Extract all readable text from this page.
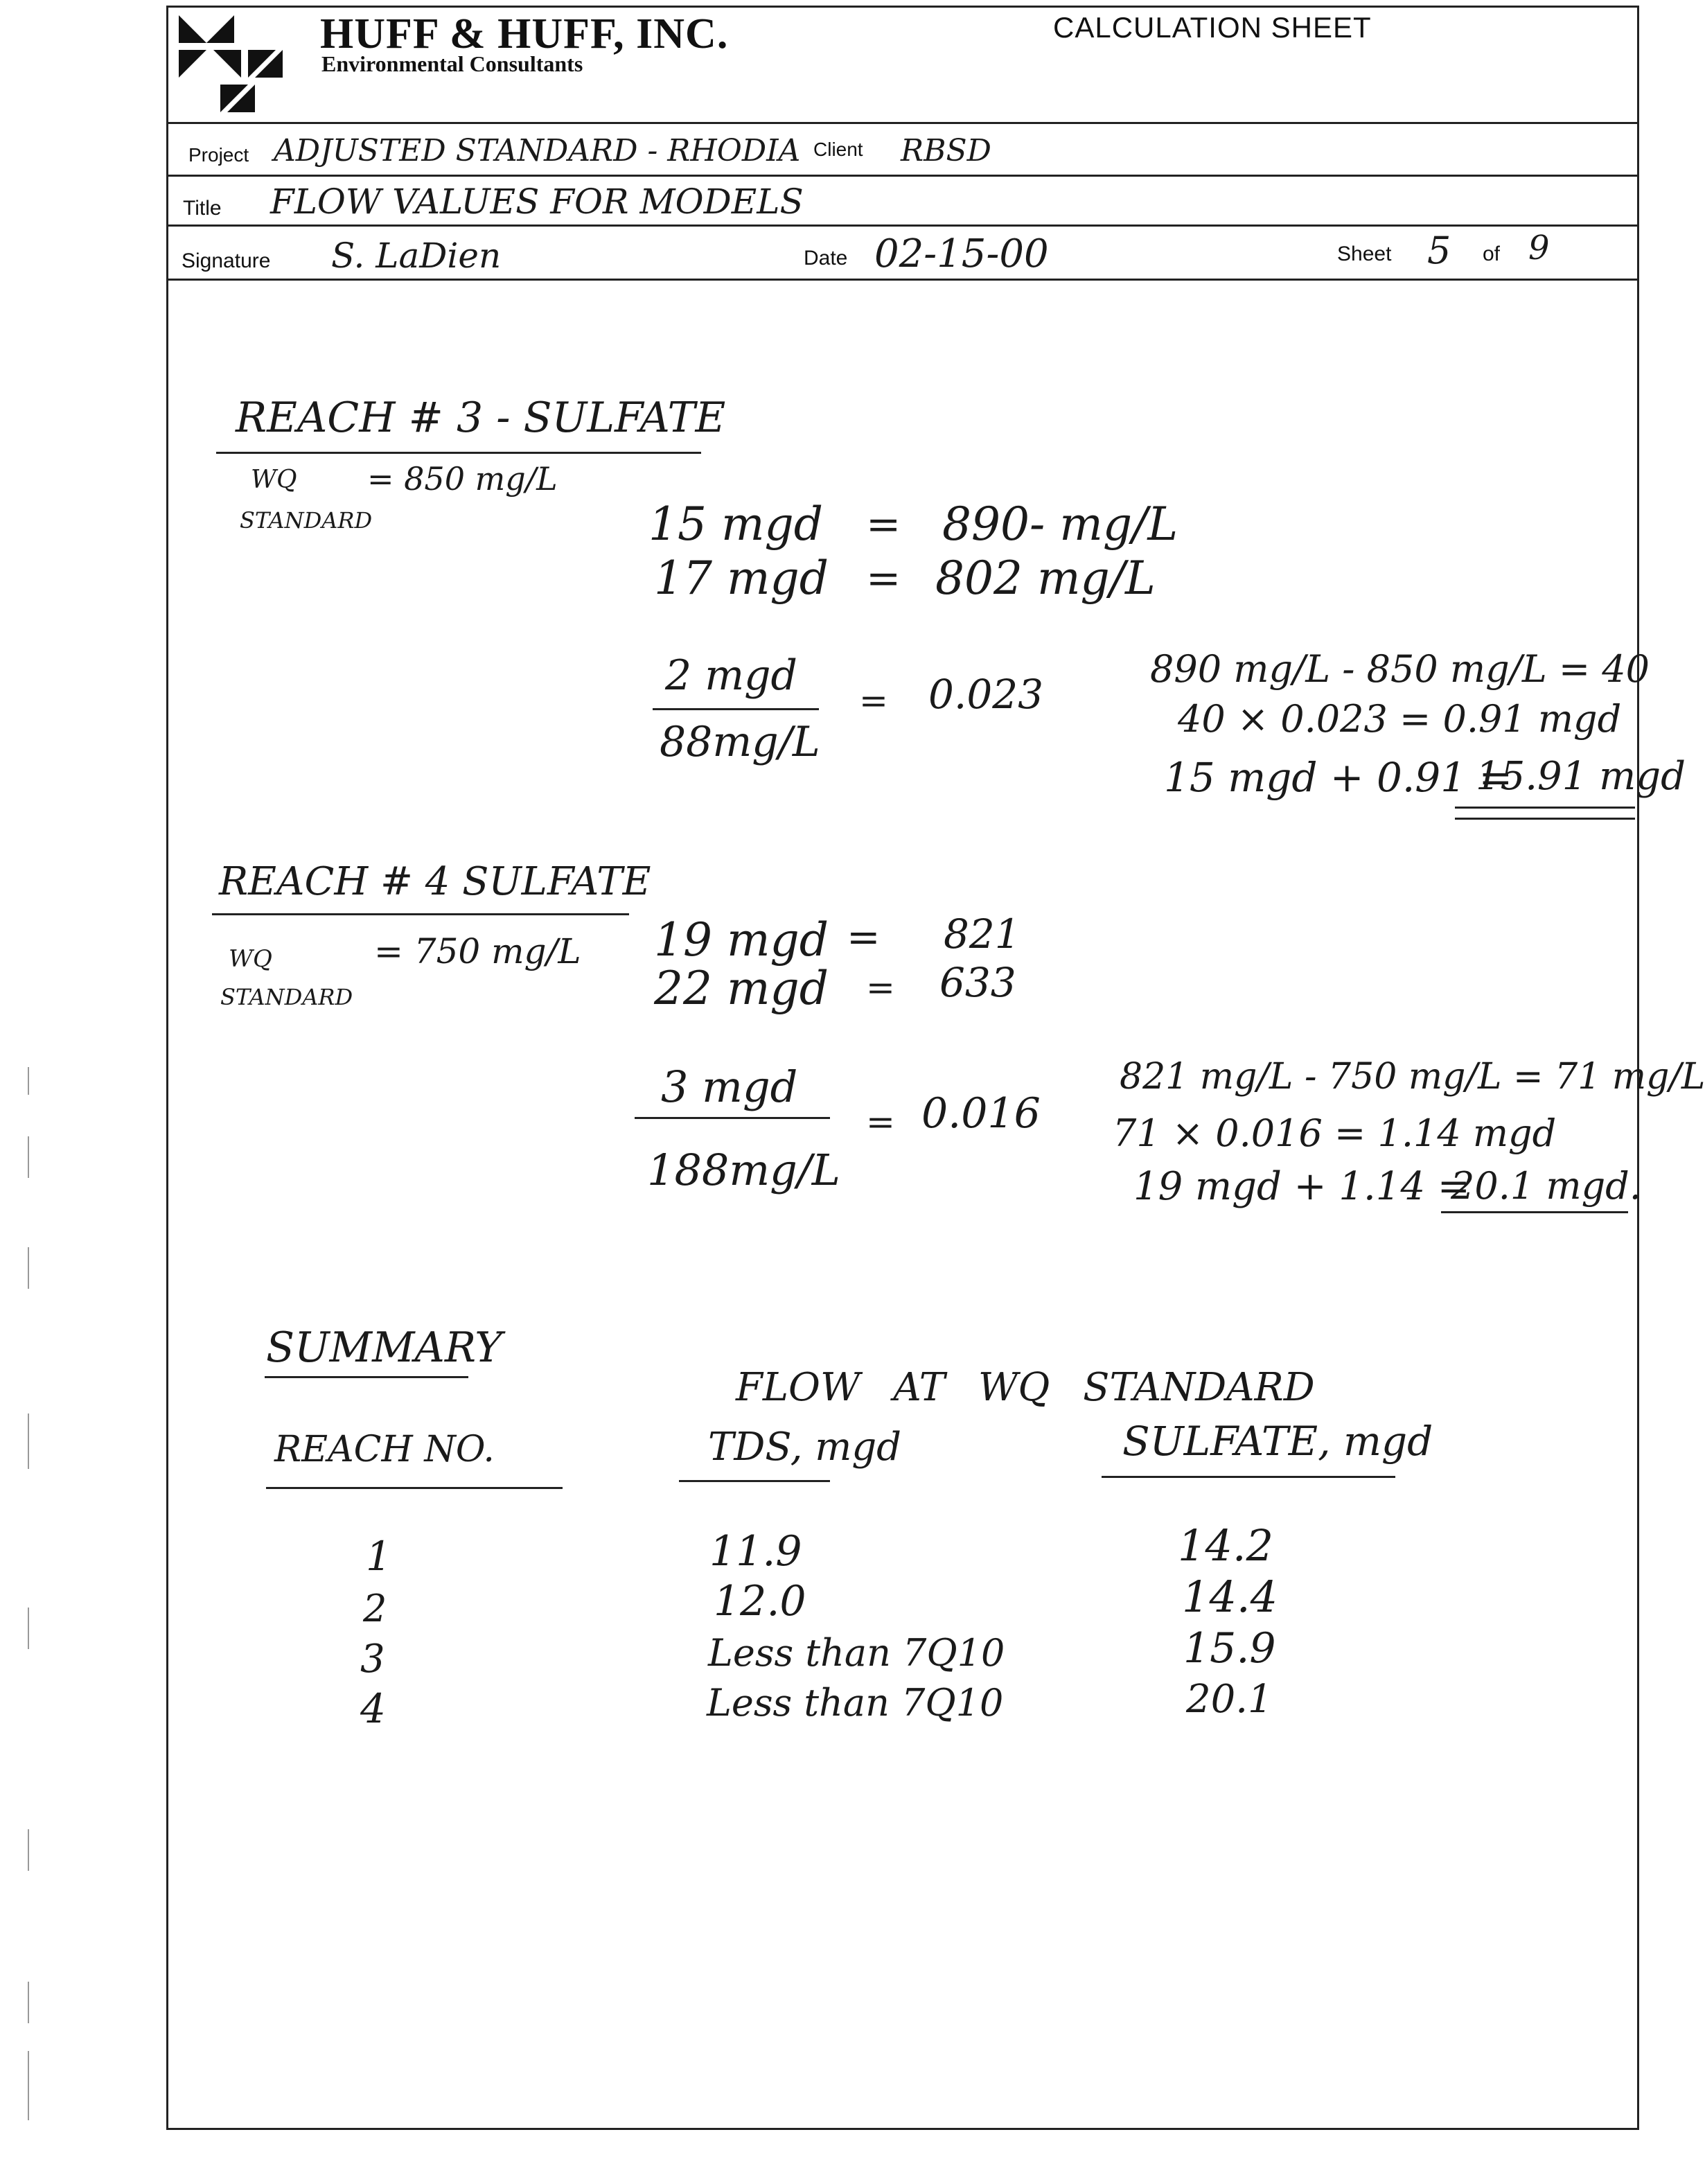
HUFF & HUFF, INC.
Environmental Consultants
CALCULATION SHEET
Project ADJUSTED STANDARD - RHODIA Client RBSD
Title FLOW VALUES FOR MODELS
Signature S. LaDien	Date 02-15-00	Sheet 5 of 9
REACH # 3 - SULFATE
WQ = 850 mg/L
STANDARD	15 mgd = 890- mg/L
17 mgd = 802 mg/L
2 mgd
88mg/L
= 0.023
890 mg/L - 850 mg/L = 40
40 × 0.023 = 0.91 mgd
15 mgd + 0.91 =
15.91 mgd
REACH # 4 SULFATE
WQ	= 750 mg/L
STANDARD
19 mgd = 821
22 mgd = 633
3 mgd
188mg/L
= 0.016
821 mg/L - 750 mg/L = 71 mg/L
71 × 0.016 = 1.14 mgd
19 mgd + 1.14 =
20.1 mgd.
SUMMARY
FLOW AT WQ STANDARD
REACH NO.	TDS, mgd	SULFATE, mgd
1	11.9	14.2
2	12.0	14.4
3	Less than 7Q10	15.9
4	Less than 7Q10	20.1
